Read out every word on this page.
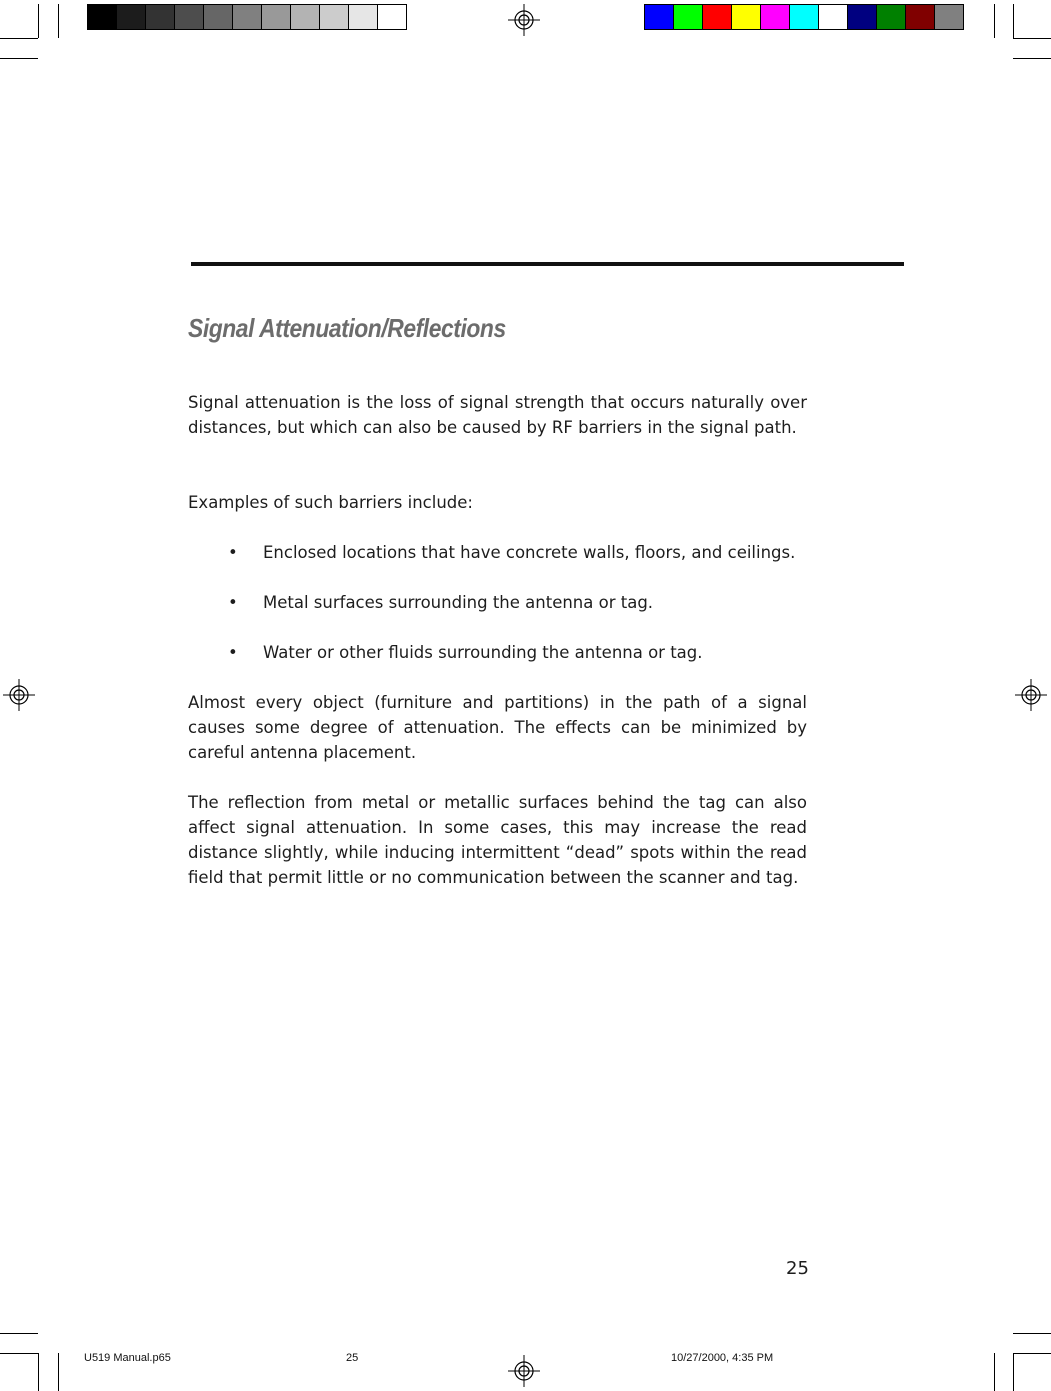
Signal Attenuation/Reflections

Signal attenuation is the loss of signal strength that occurs naturally over distances, but which can also be caused by RF barriers in the signal path.

Examples of such barriers include:

• Enclosed locations that have concrete walls, floors, and ceilings.
• Metal surfaces surrounding the antenna or tag.
• Water or other fluids surrounding the antenna or tag.

Almost every object (furniture and partitions) in the path of a signal causes some degree of attenuation. The effects can be minimized by careful antenna placement.

The reflection from metal or metallic surfaces behind the tag can also affect signal attenuation. In some cases, this may increase the read distance slightly, while inducing intermittent “dead” spots within the read field that permit little or no communication between the scanner and tag.

25
U519 Manual.p65	25	10/27/2000, 4:35 PM
